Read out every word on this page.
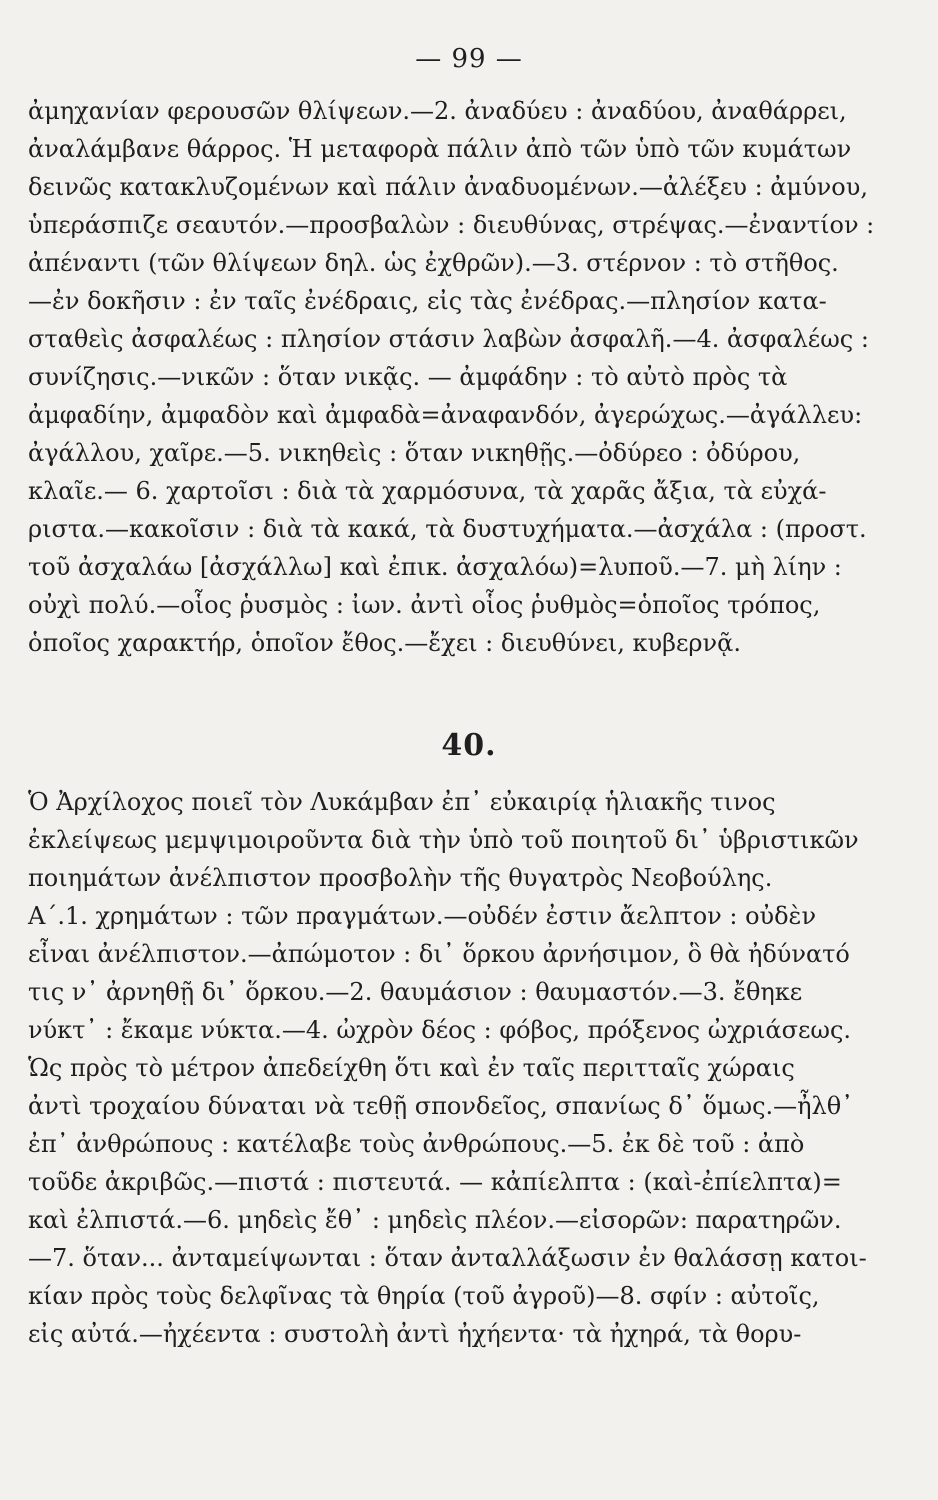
— 99 —
ἀμηχανίαν φερουσῶν θλίψεων.—2. ἀναδύευ : ἀναδύου, ἀναθάρρει,
ἀναλάμβανε θάρρος. Ἡ μεταφορὰ πάλιν ἀπὸ τῶν ὑπὸ τῶν κυμάτων
δεινῶς κατακλυζομένων καὶ πάλιν ἀναδυομένων.—ἀλέξευ : ἀμύνου,
ὑπεράσπιζε σεαυτόν.—προσβαλὼν : διευθύνας, στρέψας.—ἐναντίον :
ἀπέναντι (τῶν θλίψεων δηλ. ὡς ἐχθρῶν).—3. στέρνον : τὸ στῆθος.
—ἐν δοκῆσιν : ἐν ταῖς ἐνέδραις, εἰς τὰς ἐνέδρας.—πλησίον κατα-
σταθεὶς ἀσφαλέως : πλησίον στάσιν λαβὼν ἀσφαλῆ.—4. ἀσφαλέως :
συνίζησις.—νικῶν : ὅταν νικᾷς. — ἀμφάδην : τὸ αὐτὸ πρὸς τὰ
ἀμφαδίην, ἀμφαδὸν καὶ ἀμφαδὰ=ἀναφανδόν, ἀγερώχως.—ἀγάλλευ:
ἀγάλλου, χαῖρε.—5. νικηθεὶς : ὅταν νικηθῇς.—ὀδύρεο : ὀδύρου,
κλαῖε.— 6. χαρτοῖσι : διὰ τὰ χαρμόσυνα, τὰ χαρᾶς ἄξια, τὰ εὐχά-
ριστα.—κακοῖσιν : διὰ τὰ κακά, τὰ δυστυχήματα.—ἀσχάλα : (προστ.
τοῦ ἀσχαλάω [ἀσχάλλω] καὶ ἐπικ. ἀσχαλόω)=λυποῦ.—7. μὴ λίην :
οὐχὶ πολύ.—οἷος ῥυσμὸς : ἰων. ἀντὶ οἷος ῥυθμὸς=ὁποῖος τρόπος,
ὁποῖος χαρακτήρ, ὁποῖον ἔθος.—ἔχει : διευθύνει, κυβερνᾷ.
40.
Ὁ Ἀρχίλοχος ποιεῖ τὸν Λυκάμβαν ἐπ᾽ εὐκαιρίᾳ ἡλιακῆς τινος
ἐκλείψεως μεμψιμοιροῦντα διὰ τὴν ὑπὸ τοῦ ποιητοῦ δι᾽ ὑβριστικῶν
ποιημάτων ἀνέλπιστον προσβολὴν τῆς θυγατρὸς Νεοβούλης.
Α΄.1. χρημάτων : τῶν πραγμάτων.—οὐδέν ἐστιν ἄελπτον : οὐδὲν
εἶναι ἀνέλπιστον.—ἀπώμοτον : δι᾽ ὅρκου ἀρνήσιμον, ὃ θὰ ἠδύνατό
τις ν᾽ ἀρνηθῇ δι᾽ ὅρκου.—2. θαυμάσιον : θαυμαστόν.—3. ἔθηκε
νύκτ᾽ : ἔκαμε νύκτα.—4. ὠχρὸν δέος : φόβος, πρόξενος ὠχριάσεως.
Ὡς πρὸς τὸ μέτρον ἀπεδείχθη ὅτι καὶ ἐν ταῖς περιτταῖς χώραις
ἀντὶ τροχαίου δύναται νὰ τεθῇ σπονδεῖος, σπανίως δ᾽ ὅμως.—ἦλθ᾽
ἐπ᾽ ἀνθρώπους : κατέλαβε τοὺς ἀνθρώπους.—5. ἐκ δὲ τοῦ : ἀπὸ
τοῦδε ἀκριβῶς.—πιστά : πιστευτά. — κἀπίελπτα : (καὶ-ἐπίελπτα)=
καὶ ἐλπιστά.—6. μηδεὶς ἔθ᾽ : μηδεὶς πλέον.—εἰσορῶν: παρατηρῶν.
—7. ὅταν... ἀνταμείψωνται : ὅταν ἀνταλλάξωσιν ἐν θαλάσσῃ κατοι-
κίαν πρὸς τοὺς δελφῖνας τὰ θηρία (τοῦ ἀγροῦ)—8. σφίν : αὐτοῖς,
εἰς αὐτά.—ἠχέεντα : συστολὴ ἀντὶ ἠχήεντα· τὰ ἠχηρά, τὰ θορυ-
